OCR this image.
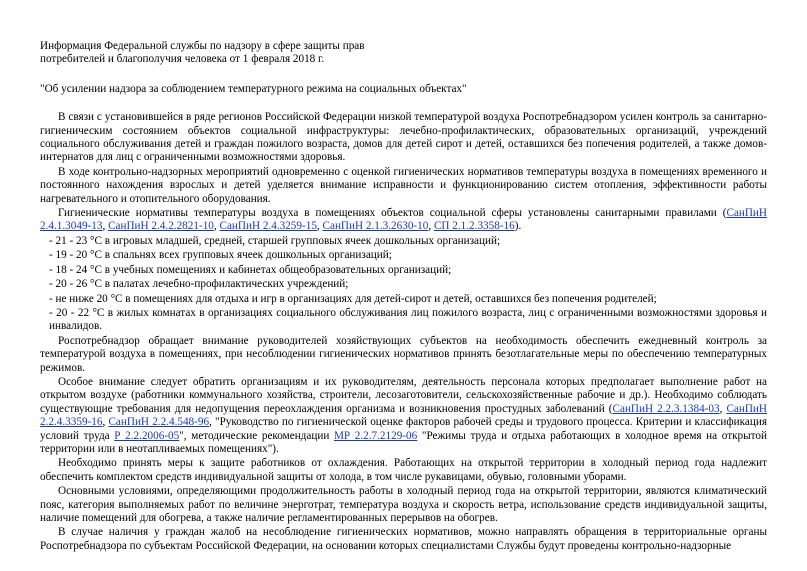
Информация Федеральной службы по надзору в сфере защиты прав

потребителей и благополучия человека от 1 февраля 2018 г.

"Об усилении надзора за соблюдением температурного режима на социальных объектах"

В связи с установившейся в ряде регионов Российской Федерации низкой температурой воздуха Роспотребнадзором усилен контроль за санитарно-гигиеническим состоянием объектов социальной инфраструктуры: лечебно-профилактических, образовательных организаций, учреждений социального обслуживания детей и граждан пожилого возраста, домов для детей сирот и детей, оставшихся без попечения родителей, а также домов-интернатов для лиц с ограниченными возможностями здоровья.

В ходе контрольно-надзорных мероприятий одновременно с оценкой гигиенических нормативов температуры воздуха в помещениях временного и постоянного нахождения взрослых и детей уделяется внимание исправности и функционированию систем отопления, эффективности работы нагревательного и отопительного оборудования.

Гигиенические нормативы температуры воздуха в помещениях объектов социальной сферы установлены санитарными правилами (СанПиН 2.4.1.3049-13, СанПиН 2.4.2.2821-10, СанПиН 2.4.3259-15, СанПиН 2.1.3.2630-10, СП 2.1.2.3358-16).

- 21 - 23 °С в игровых младшей, средней, старшей групповых ячеек дошкольных организаций;

- 19 - 20 °С в спальнях всех групповых ячеек дошкольных организаций;

- 18 - 24 °С в учебных помещениях и кабинетах общеобразовательных организаций;

- 20 - 26 °С в палатах лечебно-профилактических учреждений;

- не ниже 20 °С в помещениях для отдыха и игр в организациях для детей-сирот и детей, оставшихся без попечения родителей;

- 20 - 22 °С в жилых комнатах в организациях социального обслуживания лиц пожилого возраста, лиц с ограниченными возможностями здоровья и инвалидов.

Роспотребнадзор обращает внимание руководителей хозяйствующих субъектов на необходимость обеспечить ежедневный контроль за температурой воздуха в помещениях, при несоблюдении гигиенических нормативов принять безотлагательные меры по обеспечению температурных режимов.

Особое внимание следует обратить организациям и их руководителям, деятельность персонала которых предполагает выполнение работ на открытом воздухе (работники коммунального хозяйства, строители, лесозаготовители, сельскохозяйственные рабочие и др.). Необходимо соблюдать существующие требования для недопущения переохлаждения организма и возникновения простудных заболеваний (СанПиН 2.2.3.1384-03, СанПиН 2.2.4.3359-16, СанПиН 2.2.4.548-96, "Руководство по гигиенической оценке факторов рабочей среды и трудового процесса. Критерии и классификация условий труда Р 2.2.2006-05", методические рекомендации МР 2.2.7.2129-06 "Режимы труда и отдыха работающих в холодное время на открытой территории или в неотапливаемых помещениях").

Необходимо принять меры к защите работников от охлаждения. Работающих на открытой территории в холодный период года надлежит обеспечить комплектом средств индивидуальной защиты от холода, в том числе рукавицами, обувью, головными уборами.

Основными условиями, определяющими продолжительность работы в холодный период года на открытой территории, являются климатический пояс, категория выполняемых работ по величине энерготрат, температура воздуха и скорость ветра, использование средств индивидуальной защиты, наличие помещений для обогрева, а также наличие регламентированных перерывов на обогрев.

В случае наличия у граждан жалоб на несоблюдение гигиенических нормативов, можно направлять обращения в территориальные органы Роспотребнадзора по субъектам Российской Федерации, на основании которых специалистами Службы будут проведены контрольно-надзорные
